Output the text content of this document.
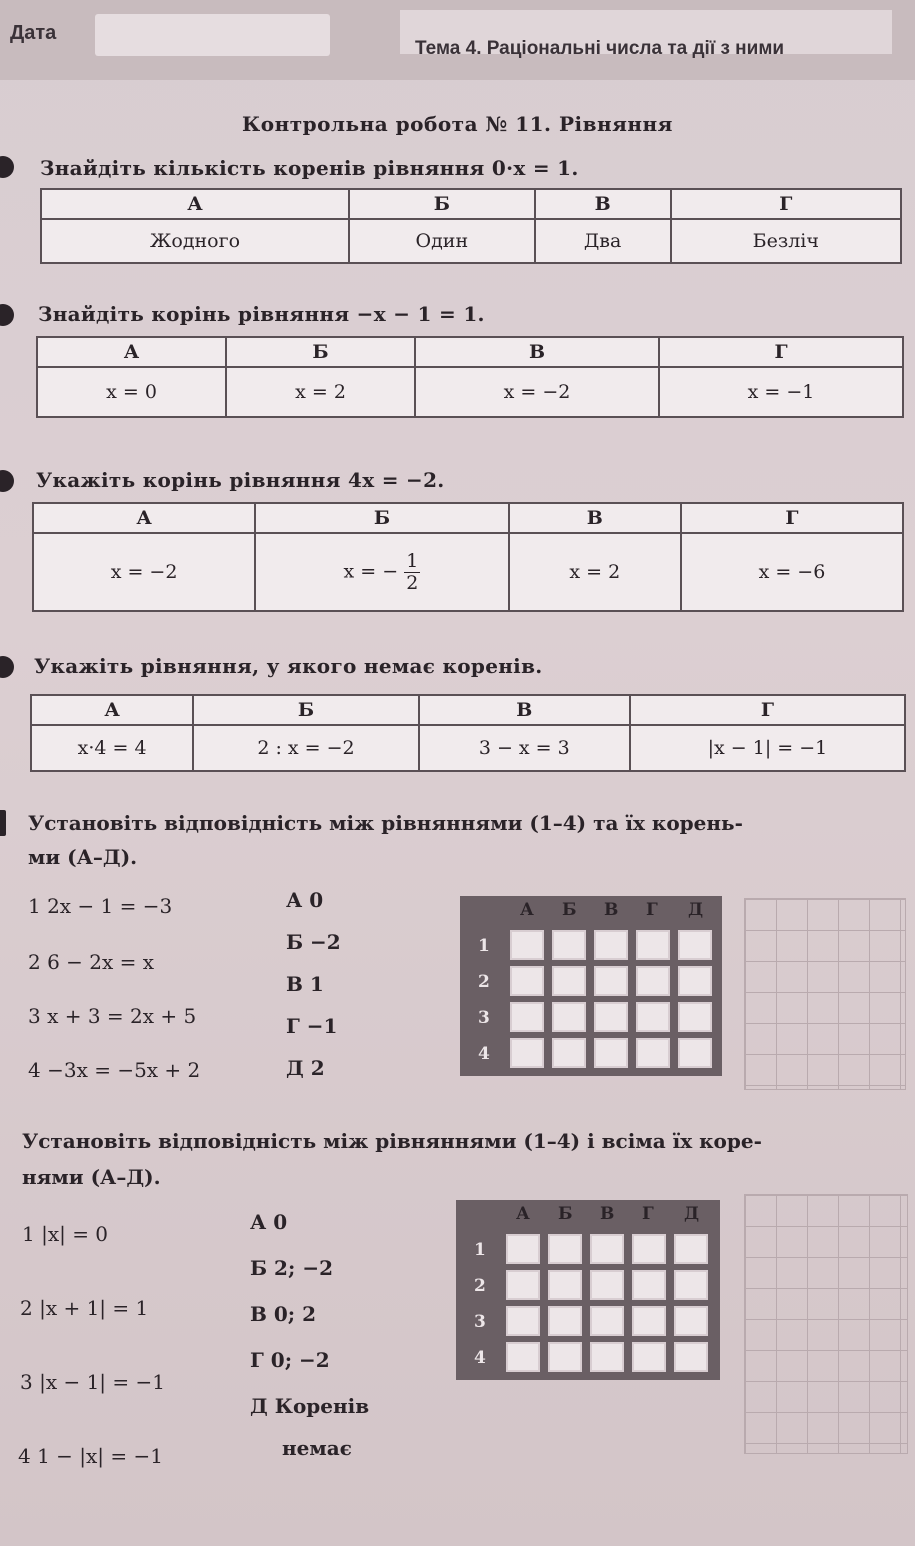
Дата
Тема 4. Раціональні числа та дії з ними
Контрольна робота № 11. Рівняння
Знайдіть кількість коренів рівняння 0·x = 1.
А	Б	В	Г
Жодного	Один	Два	Безліч
Знайдіть корінь рівняння −x − 1 = 1.
А	Б	В	Г
x = 0	x = 2	x = −2	x = −1
Укажіть корінь рівняння 4x = −2.
А	Б	В	Г
x = −2	x = − $\frac{1}{2}$	x = 2	x = −6
Укажіть рівняння, у якого немає коренів.
А	Б	В	Г
x·4 = 4	2 : x = −2	3 − x = 3	|x − 1| = −1
Установіть відповідність між рівняннями (1–4) та їх корень-
ми (А–Д).
1 2x − 1 = −3
2 6 − 2x = x
3 x + 3 = 2x + 5
4 −3x = −5x + 2
А 0
Б −2
В 1
Г −1
Д 2
А Б В Г Д
1
2
3
4
Установіть відповідність між рівняннями (1–4) і всіма їх коре-
нями (А–Д).
1 |x| = 0
2 |x + 1| = 1
3 |x − 1| = −1
4 1 − |x| = −1
А 0
Б 2; −2
В 0; 2
Г 0; −2
Д Коренів
немає
А Б В Г Д
1
2
3
4
